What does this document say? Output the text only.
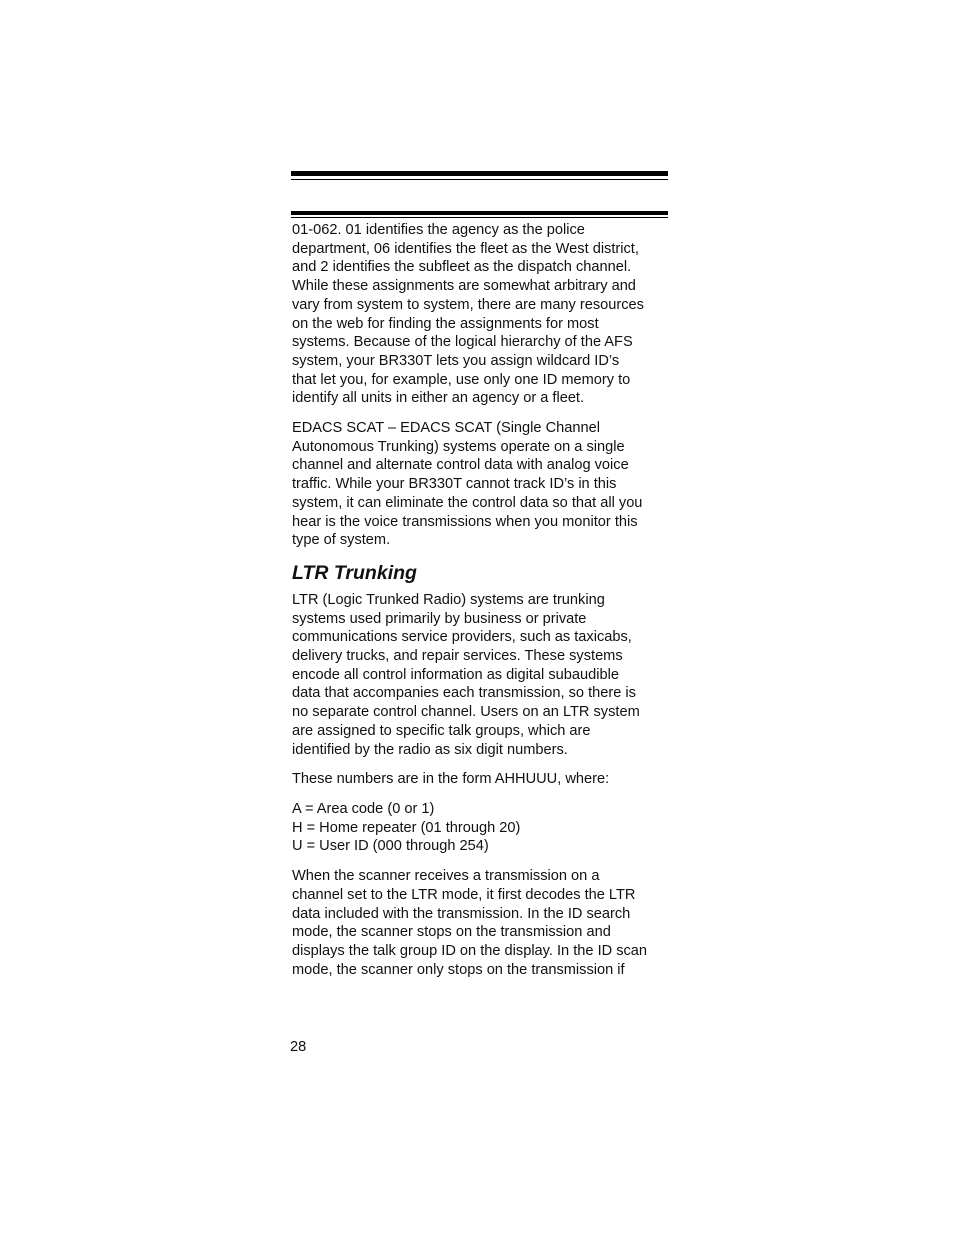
01-062. 01 identifies the agency as the police
department, 06 identifies the fleet as the West district,
and 2 identifies the subfleet as the dispatch channel.
While these assignments are somewhat arbitrary and
vary from system to system, there are many resources
on the web for finding the assignments for most
systems. Because of the logical hierarchy of the AFS
system, your BR330T lets you assign wildcard ID’s
that let you, for example, use only one ID memory to
identify all units in either an agency or a fleet.

EDACS SCAT – EDACS SCAT (Single Channel
Autonomous Trunking) systems operate on a single
channel and alternate control data with analog voice
traffic. While your BR330T cannot track ID’s in this
system, it can eliminate the control data so that all you
hear is the voice transmissions when you monitor this
type of system.

LTR Trunking

LTR (Logic Trunked Radio) systems are trunking
systems used primarily by business or private
communications service providers, such as taxicabs,
delivery trucks, and repair services. These systems
encode all control information as digital subaudible
data that accompanies each transmission, so there is
no separate control channel. Users on an LTR system
are assigned to specific talk groups, which are
identified by the radio as six digit numbers.

These numbers are in the form AHHUUU, where:

A = Area code (0 or 1)
H = Home repeater (01 through 20)
U = User ID (000 through 254)

When the scanner receives a transmission on a
channel set to the LTR mode, it first decodes the LTR
data included with the transmission. In the ID search
mode, the scanner stops on the transmission and
displays the talk group ID on the display. In the ID scan
mode, the scanner only stops on the transmission if

28
